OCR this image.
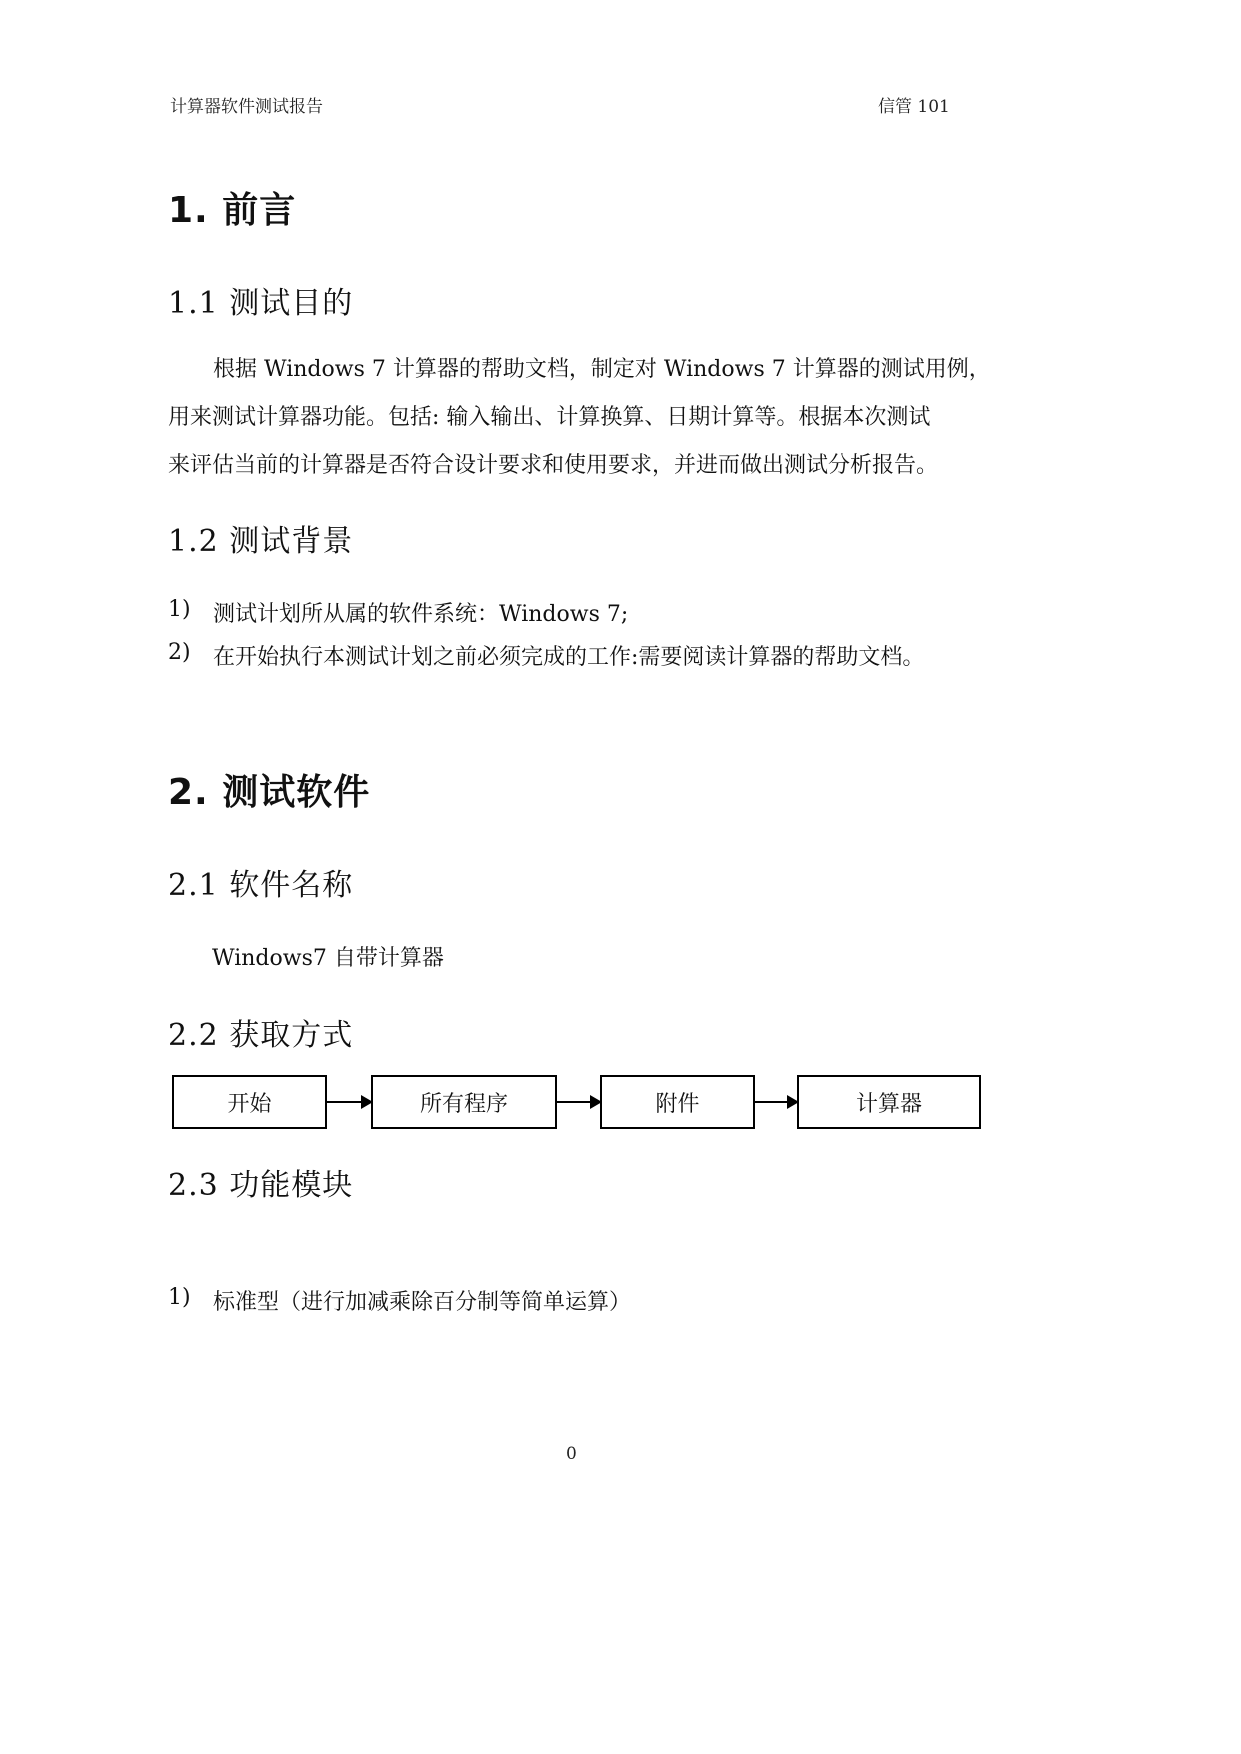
计算器软件测试报告	信管 101
1. 前言
1.1 测试目的
根据 Windows 7 计算器的帮助文档，制定对 Windows 7 计算器的测试用例，
用来测试计算器功能。包括: 输入输出、计算换算、日期计算等。根据本次测试
来评估当前的计算器是否符合设计要求和使用要求，并进而做出测试分析报告。
1.2 测试背景
1) 测试计划所从属的软件系统：Windows 7;
2) 在开始执行本测试计划之前必须完成的工作:需要阅读计算器的帮助文档。
2. 测试软件
2.1 软件名称
Windows7 自带计算器
2.2 获取方式
开始	所有程序	附件	计算器
2.3 功能模块
1) 标准型（进行加减乘除百分制等简单运算）
0
